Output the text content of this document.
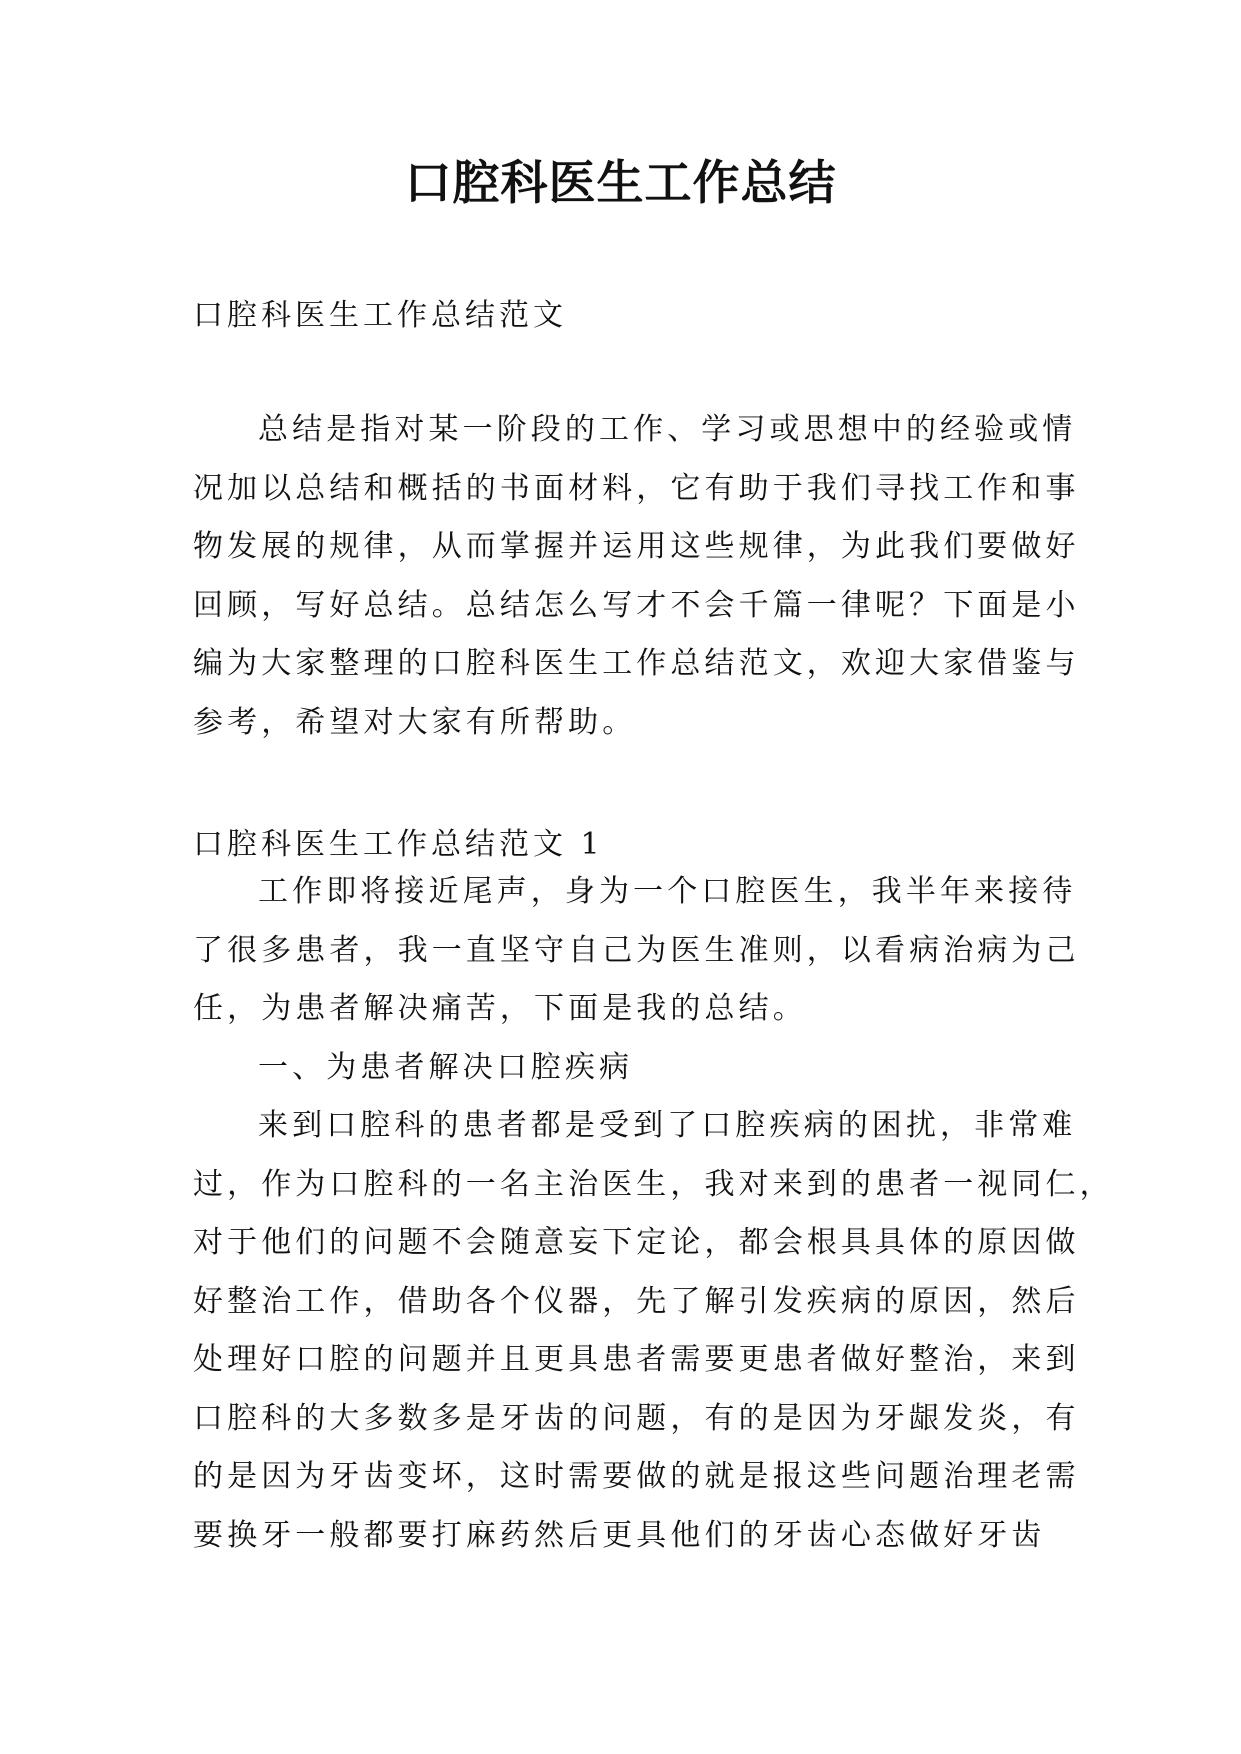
口腔科医生工作总结

口腔科医生工作总结范文

总结是指对某一阶段的工作、学习或思想中的经验或情
况加以总结和概括的书面材料，它有助于我们寻找工作和事
物发展的规律，从而掌握并运用这些规律，为此我们要做好
回顾，写好总结。总结怎么写才不会千篇一律呢？下面是小
编为大家整理的口腔科医生工作总结范文，欢迎大家借鉴与
参考，希望对大家有所帮助。

口腔科医生工作总结范文 1

工作即将接近尾声，身为一个口腔医生，我半年来接待
了很多患者，我一直坚守自己为医生准则，以看病治病为己
任，为患者解决痛苦，下面是我的总结。
一、为患者解决口腔疾病
来到口腔科的患者都是受到了口腔疾病的困扰，非常难
过，作为口腔科的一名主治医生，我对来到的患者一视同仁，
对于他们的问题不会随意妄下定论，都会根具具体的原因做
好整治工作，借助各个仪器，先了解引发疾病的原因，然后
处理好口腔的问题并且更具患者需要更患者做好整治，来到
口腔科的大多数多是牙齿的问题，有的是因为牙龈发炎，有
的是因为牙齿变坏，这时需要做的就是报这些问题治理老需
要换牙一般都要打麻药然后更具他们的牙齿心态做好牙齿
